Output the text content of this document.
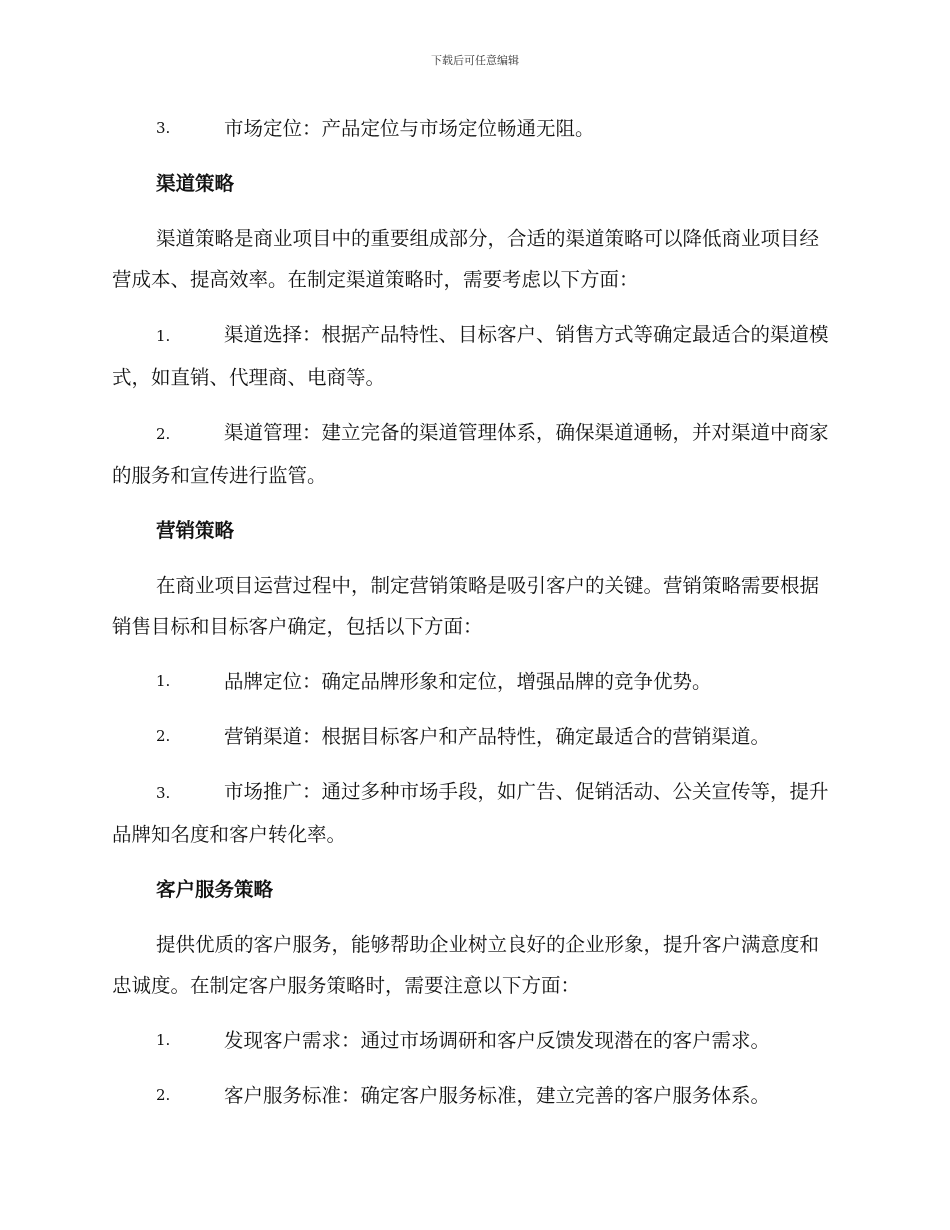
下载后可任意编辑
3.	市场定位：产品定位与市场定位畅通无阻。
渠道策略
渠道策略是商业项目中的重要组成部分，合适的渠道策略可以降低商业项目经营成本、提高效率。在制定渠道策略时，需要考虑以下方面：
1.	渠道选择：根据产品特性、目标客户、销售方式等确定最适合的渠道模式，如直销、代理商、电商等。
2.	渠道管理：建立完备的渠道管理体系，确保渠道通畅，并对渠道中商家的服务和宣传进行监管。
营销策略
在商业项目运营过程中，制定营销策略是吸引客户的关键。营销策略需要根据销售目标和目标客户确定，包括以下方面：
1.	品牌定位：确定品牌形象和定位，增强品牌的竞争优势。
2.	营销渠道：根据目标客户和产品特性，确定最适合的营销渠道。
3.	市场推广：通过多种市场手段，如广告、促销活动、公关宣传等，提升品牌知名度和客户转化率。
客户服务策略
提供优质的客户服务，能够帮助企业树立良好的企业形象，提升客户满意度和忠诚度。在制定客户服务策略时，需要注意以下方面：
1.	发现客户需求：通过市场调研和客户反馈发现潜在的客户需求。
2.	客户服务标准：确定客户服务标准，建立完善的客户服务体系。
